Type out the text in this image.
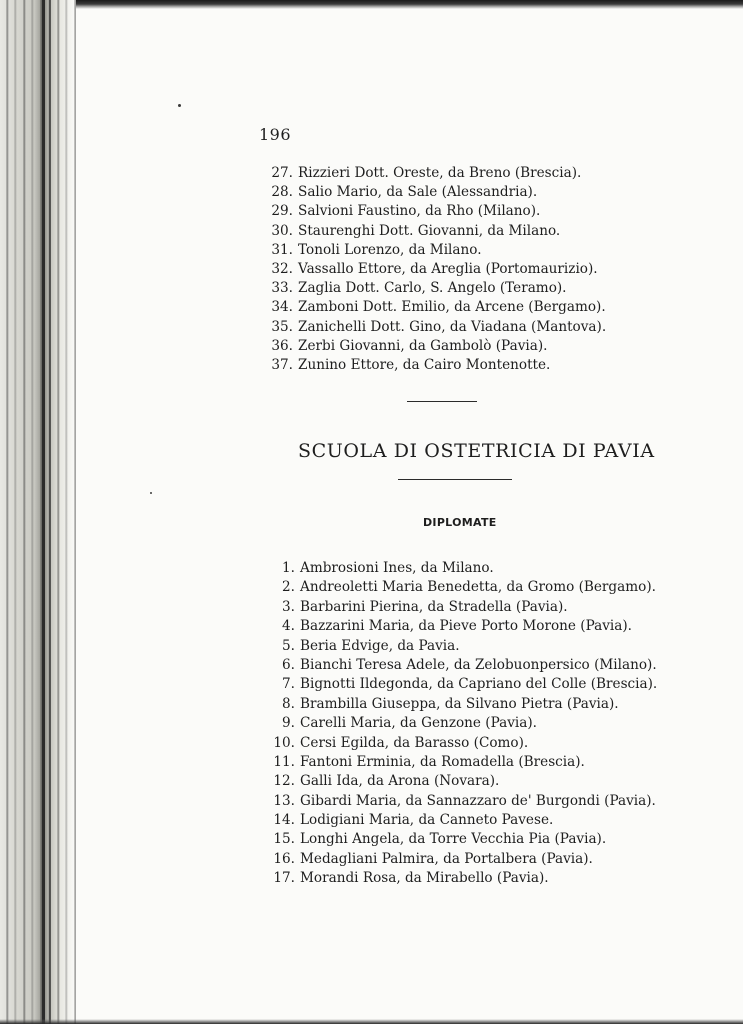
196
27. Rizzieri Dott. Oreste, da Breno (Brescia).
28. Salio Mario, da Sale (Alessandria).
29. Salvioni Faustino, da Rho (Milano).
30. Staurenghi Dott. Giovanni, da Milano.
31. Tonoli Lorenzo, da Milano.
32. Vassallo Ettore, da Areglia (Portomaurizio).
33. Zaglia Dott. Carlo, S. Angelo (Teramo).
34. Zamboni Dott. Emilio, da Arcene (Bergamo).
35. Zanichelli Dott. Gino, da Viadana (Mantova).
36. Zerbi Giovanni, da Gambolò (Pavia).
37. Zunino Ettore, da Cairo Montenotte.
SCUOLA DI OSTETRICIA DI PAVIA
DIPLOMATE
1. Ambrosioni Ines, da Milano.
2. Andreoletti Maria Benedetta, da Gromo (Bergamo).
3. Barbarini Pierina, da Stradella (Pavia).
4. Bazzarini Maria, da Pieve Porto Morone (Pavia).
5. Beria Edvige, da Pavia.
6. Bianchi Teresa Adele, da Zelobuonpersico (Milano).
7. Bignotti Ildegonda, da Capriano del Colle (Brescia).
8. Brambilla Giuseppa, da Silvano Pietra (Pavia).
9. Carelli Maria, da Genzone (Pavia).
10. Cersi Egilda, da Barasso (Como).
11. Fantoni Erminia, da Romadella (Brescia).
12. Galli Ida, da Arona (Novara).
13. Gibardi Maria, da Sannazzaro de' Burgondi (Pavia).
14. Lodigiani Maria, da Canneto Pavese.
15. Longhi Angela, da Torre Vecchia Pia (Pavia).
16. Medagliani Palmira, da Portalbera (Pavia).
17. Morandi Rosa, da Mirabello (Pavia).
